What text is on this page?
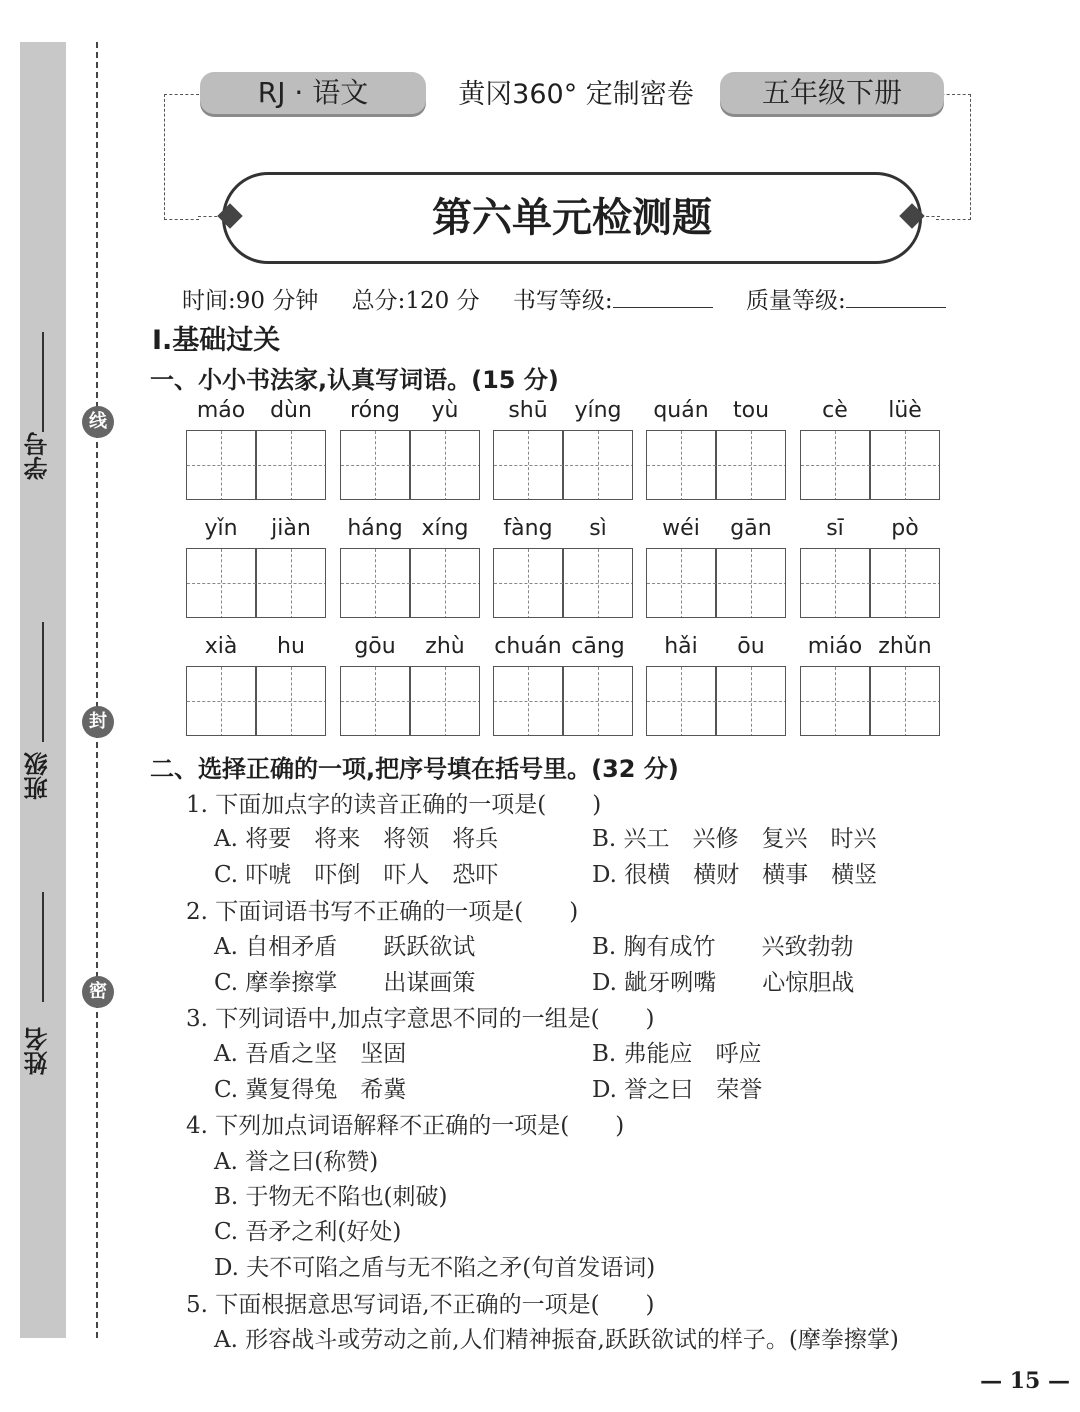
学号
班级
姓名
线
封
密
RJ · 语文	黄冈360° 定制密卷	五年级下册
第六单元检测题
时间:90 分钟 总分:120 分 书写等级:	质量等级:
Ⅰ.基础过关
一、小小书法家,认真写词语。(15 分)
máo	dùn	róng	yù	shū	yíng	quán	tou	cè	lüè
yǐn	jiàn	háng xíng	fàng	sì	wéi	gān	sī	pò
xià	hu	gōu	zhù	chuán cāng	hǎi	ōu	miáo zhǔn
二、选择正确的一项,把序号填在括号里。(32 分)
1. 下面加点字的读音正确的一项是(　　)
A. 将要　将来　将领　将兵	B. 兴工　兴修　复兴　时兴
C. 吓唬　吓倒　吓人　恐吓	D. 很横　横财　横事　横竖
2. 下面词语书写不正确的一项是(　　)
A. 自相矛盾　　跃跃欲试	B. 胸有成竹　　兴致勃勃
C. 摩拳擦掌　　出谋画策	D. 龇牙咧嘴　　心惊胆战
3. 下列词语中,加点字意思不同的一组是(　　)
A. 吾盾之坚　坚固	B. 弗能应　呼应
C. 冀复得兔　希冀	D. 誉之曰　荣誉
4. 下列加点词语解释不正确的一项是(　　)
A. 誉之曰(称赞)
B. 于物无不陷也(刺破)
C. 吾矛之利(好处)
D. 夫不可陷之盾与无不陷之矛(句首发语词)
5. 下面根据意思写词语,不正确的一项是(　　)
A. 形容战斗或劳动之前,人们精神振奋,跃跃欲试的样子。(摩拳擦掌)
— 15 —
